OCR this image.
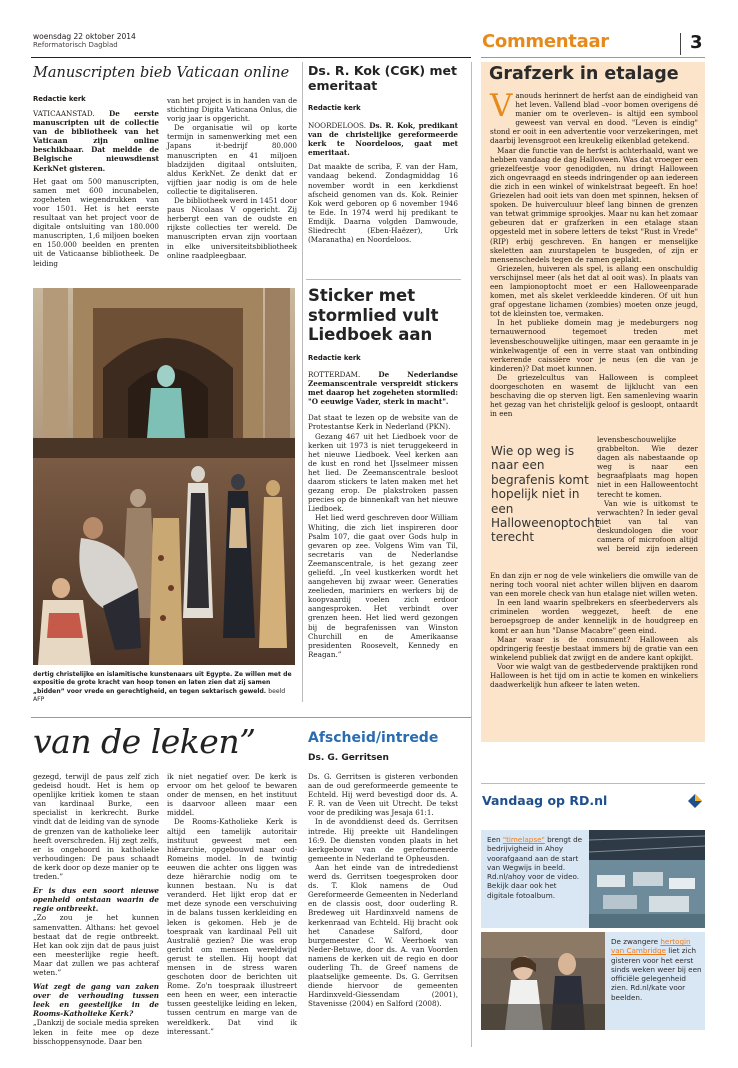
woensdag 22 oktober 2014
Reformatorisch Dagblad	Commentaar	3
Manuscripten bieb Vaticaan online
Redactie kerk

VATICAANSTAD. De eerste manuscripten uit de collectie van de bibliotheek van het Vaticaan zijn online beschikbaar. Dat meldde de Belgische nieuwsdienst KerkNet gisteren.

Het gaat om 500 manuscripten, samen met 600 incunabelen, zogeheten wiegendrukken van voor 1501. Het is het eerste resultaat van het project voor de digitale ontsluiting van 180.000 manuscripten, 1,6 miljoen boeken en 150.000 beelden en prenten uit de Vaticaanse bibliotheek. De leiding

van het project is in handen van de stichting Digita Vaticana Onlus, die vorig jaar is opgericht.

De organisatie wil op korte termijn in samenwerking met een Japans it-bedrijf 80.000 manuscripten en 41 miljoen bladzijden digitaal ontsluiten, aldus KerkNet. Ze denkt dat er vijftien jaar nodig is om de hele collectie te digitaliseren.

De bibliotheek werd in 1451 door paus Nicolaas V opgericht. Zij herbergt een van de oudste en rijkste collecties ter wereld. De manuscripten ervan zijn voortaan in elke universiteitsbibliotheek online raadpleegbaar.

dertig christelijke en islamitische kunstenaars uit Egypte. Ze willen met de expositie de grote kracht van hoop tonen en laten zien dat zij samen „bidden” voor vrede en gerechtigheid, en tegen sektarisch geweld. beeld AFP
Ds. R. Kok (CGK) met emeritaat
Redactie kerk

NOORDELOOS. Ds. R. Kok, predikant van de christelijke gereformeerde kerk te Noordeloos, gaat met emeritaat.

Dat maakte de scriba, F. van der Ham, vandaag bekend. Zondagmiddag 16 november wordt in een kerkdienst afscheid genomen van ds. Kok. Reinier Kok werd geboren op 6 november 1946 te Ede. In 1974 werd hij predikant te Emdijk. Daarna volgden Damwoude, Sliedrecht (Eben-Haëzer), Urk (Maranatha) en Noordeloos.

Sticker met stormlied vult Liedboek aan
Redactie kerk

ROTTERDAM.	De Nederlandse Zeemanscentrale verspreidt stickers met daarop het zogeheten stormlied: "O eeuwige Vader, sterk in macht".

Dat staat te lezen op de website van de Protestantse Kerk in Nederland (PKN).

Gezang 467 uit het Liedboek voor de kerken uit 1973 is niet teruggekeerd in het nieuwe Liedboek. Veel kerken aan de kust en rond het IJsselmeer missen het lied. De Zeemanscentrale besloot daarom stickers te laten maken met het gezang erop. De plakstroken passen precies op de binnenkaft van het nieuwe Liedboek.

Het lied werd geschreven door William Whiting, die zich liet inspireren door Psalm 107, die gaat over Gods hulp in gevaren op zee. Volgens Wim van Til, secretaris van de Nederlandse Zeemanscentrale, is het gezang zeer geliefd. „In veel kustkerken wordt het aangeheven bij zwaar weer. Generaties zeelieden, mariniers en werkers bij de koopvaardij voelen zich erdoor aangesproken. Het verbindt over grenzen heen. Het lied werd gezongen bij de begrafenissen van Winston Churchill en de Amerikaanse presidenten Roosevelt, Kennedy en Reagan.”

van de leken”

gezegd, terwijl de paus zelf zich gedeisd houdt. Het is hem op openlijke kritiek komen te staan van kardinaal Burke, een specialist in kerkrecht. Burke vindt dat de leiding van de synode de grenzen van de katholieke leer heeft overschreden. Hij zegt zelfs, er is ongehoord in katholieke verhoudingen: De paus schaadt de kerk door op deze manier op te treden.”

Er is dus een soort nieuwe openheid ontstaan waarin de regie ontbreekt.

„Zo zou je het kunnen samenvatten. Althans: het gevoel bestaat dat de regie ontbreekt. Het kan ook zijn dat de paus juist een meesterlijke regie heeft. Maar dat zullen we pas achteraf weten.”

Wat zegt de gang van zaken over de verhouding tussen leek en geestelijke in de Rooms-Katholieke Kerk?

„Dankzij de sociale media spreken leken in feite mee op deze bisschoppensynode. Daar ben

ik niet negatief over. De kerk is ervoor om het geloof te bewaren onder de mensen, en het instituut is daarvoor alleen maar een middel.

De Rooms-Katholieke Kerk is altijd een tamelijk autoritair instituut geweest met een hiërarchie, opgebouwd naar oud-Romeins model. In de twintig eeuwen die achter ons liggen was deze hiërarchie nodig om te kunnen bestaan. Nu is dat veranderd. Het lijkt erop dat er met deze synode een verschuiving in de balans tussen kerkleiding en leken is gekomen. Heb je de toespraak van kardinaal Pell uit Australië gezien? Die was erop gericht om mensen wereldwijd gerust te stellen. Hij hoopt dat mensen in de stress waren geschoten door de berichten uit Rome. Zo'n toespraak illustreert een heen en weer, een interactie tussen geestelijke leiding en leken, tussen centrum en marge van de wereldkerk. Dat vind ik interessant.”

Afscheid/intrede
Ds. G. Gerritsen

Ds. G. Gerritsen is gisteren verbonden aan de oud gereformeerde gemeente te Echteld. Hij werd bevestigd door ds. A. F. R. van de Veen uit Utrecht. De tekst voor de prediking was Jesaja 61:1.

In de avonddienst deed ds. Gerritsen intrede. Hij preekte uit Handelingen 16:9. De diensten vonden plaats in het kerkgebouw van de gereformeerde gemeente in Nederland te Opheusden.

Aan het einde van de intrededienst werd ds. Gerritsen toegesproken door ds. T. Klok namens de Oud Gereformeerde Gemeenten in Nederland en de classis oost, door ouderling R. Bredeweg uit Hardinxveld namens de kerkenraad van Echteld. Hij bracht ook het Canadese Salford, door burgemeester C. W. Veerhoek van Neder-Betuwe, door ds. A. van Voorden namens de kerken uit de regio en door ouderling Th. de Greef namens de plaatselijke gemeente. Ds. G. Gerritsen diende hiervoor de gemeenten Hardinxveld-Giessendam (2001), Stavenisse (2004) en Salford (2008).

Grafzerk in etalage
V anouds herinnert de herfst aan de eindigheid van het leven. Vallend blad –voor bomen overigens dé manier om te overleven– is altijd een symbool geweest van verval en dood. "Leven is eindig" stond er ooit in een advertentie voor verzekeringen, met daarbij levensgroot een kreukelig eikenblad getekend.

Maar die functie van de herfst is achterhaald, want we hebben vandaag de dag Halloween. Was dat vroeger een griezelfeestje voor genodigden, nu dringt Halloween zich ongevraagd en steeds indringender op aan iedereen die zich in een winkel of winkelstraat begeeft. En hoe! Griezelen had ooit iets van doen met spinnen, heksen of spoken. De huiverculuur bleef lang binnen de grenzen van tetwat grimmige sprookjes. Maar nu kan het zomaar gebeuren dat er grafzerken in een etalage staan opgesteld met in sobere letters de tekst "Rust in Vrede" (RIP) erbij geschreven. En hangen er menselijke skeletten aan zuurstapelen te busgeden, of zijn er mensenschedels tegen de ramen geplakt.

Griezelen, huiveren als spel, is allang een onschuldig verschijnsel meer (als het dat al ooit was). In plaats van een lampionoptocht moet er een Halloweenparade komen, met als skelet verkleedde kinderen. Of uit hun graf opgestane lichamen (zombies) moeten onze jeugd, tot de kleinsten toe, vermaken.

In het publieke domein mag je medeburgers nog ternauwernood tegemoet treden met levensbeschouwelijke uitingen, maar een geraamte in je winkelwagentje of een in verre staat van ontbinding verkerende caissière voor je neus (en die van je kinderen)? Dat moet kunnen.

De griezelcultus van Halloween is compleet doorgeschoten en wasemt de lijklucht van een beschaving die op sterven ligt. Een samenleving waarin het gezag van het christelijk geloof is gesloopt, ontaardt in een

Wie op weg is naar een begrafenis komt hopelijk niet in een Halloweenoptocht terecht

levensbeschouwelijke grabbelton. Wie dezer dagen als nabestaande op weg is naar een begraafplaats mag hopen niet in een Halloweentocht terecht te komen.

Van wie is uitkomst te verwachten? In ieder geval niet van tal van deskundologen die voor camera of microfoon altijd wel bereid zijn iedereen

En dan zijn er nog de vele winkeliers die omwille van de nering toch vooral niet achter willen blijven en daarom van een morele check van hun etalage niet willen weten.

In een land waarin spelbrekers en sfeerbedervers als criminelen worden weggezet, heeft de ene beroepsgroep de ander kennelijk in de houdgreep en komt er aan hun "Danse Macabre" geen eind.

Maar waar is de consument? Halloween als opdringerig feestje bestaat immers bij de gratie van een winkelend publiek dat zwijgt en de andere kant opkijkt.

Voor wie walgt van de gestbedervende praktijken rond Halloween is het tijd om in actie te komen en winkeliers daadwerkelijk hun afkeer te laten weten.

Vandaag op RD.nl
Een "timelapse" brengt de bedrijvigheid in Ahoy voorafgaand aan de start van Wegwijs in beeld. Rd.nl/ahoy voor de video. Bekijk daar ook het digitale fotoalbum.
De zwangere hertogin van Cambridge liet zich gisteren voor het eerst sinds weken weer bij een officiële gelegenheid zien. Rd.nl/kate voor beelden.
